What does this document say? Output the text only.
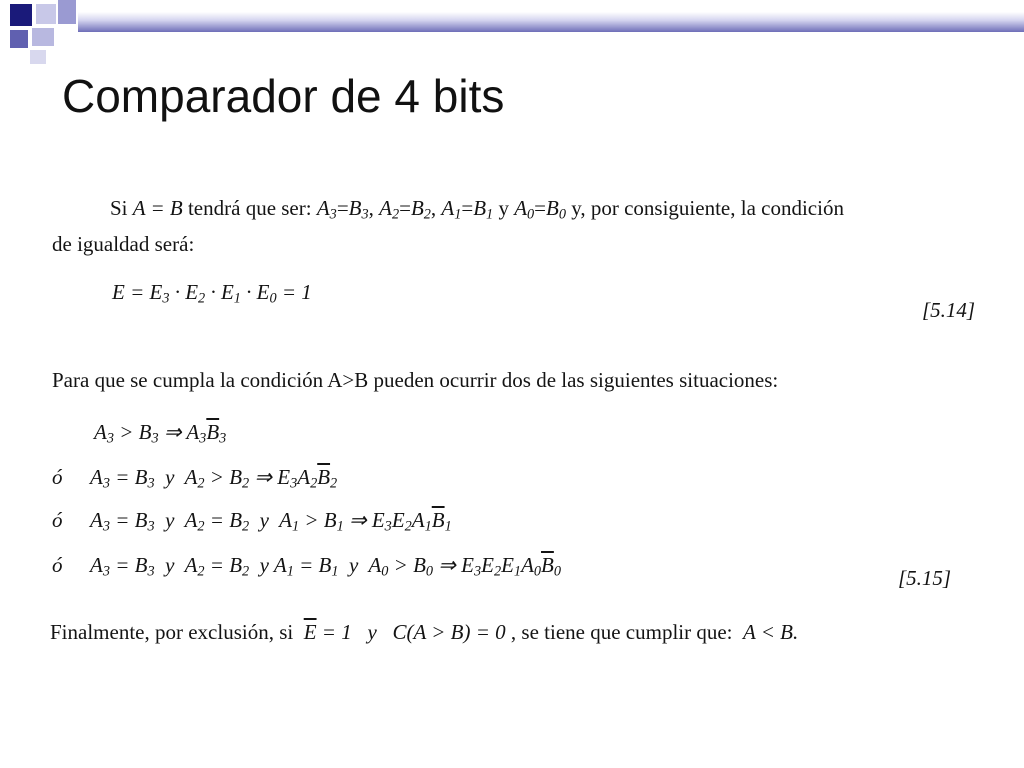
Comparador de 4 bits
Si A = B tendrá que ser: $A_3=B_3$, $A_2=B_2$, $A_1=B_1$ y $A_0=B_0$ y, por consiguiente, la condición
de igualdad será:
$E = E_3 \cdot E_2 \cdot E_1 \cdot E_0 = 1$
[5.14]
Para que se cumpla la condición A>B pueden ocurrir dos de las siguientes situaciones:
$A_3 > B_3$ ⇒ $A_3\overline{B}_3$
ó $A_3 = B_3$ y $A_2 > B_2$ ⇒ $E_3A_2\overline{B}_2$
ó $A_3 = B_3$ y $A_2 = B_2$ y $A_1 > B_1$ ⇒ $E_3E_2A_1\overline{B}_1$
ó $A_3 = B_3$ y $A_2 = B_2$ y $A_1 = B_1$ y $A_0 > B_0$ ⇒ $E_3E_2E_1A_0\overline{B}_0$	[5.15]
Finalmente, por exclusión, si $\overline{E} = 1$ y C(A > B) = 0 , se tiene que cumplir que: A < B.
